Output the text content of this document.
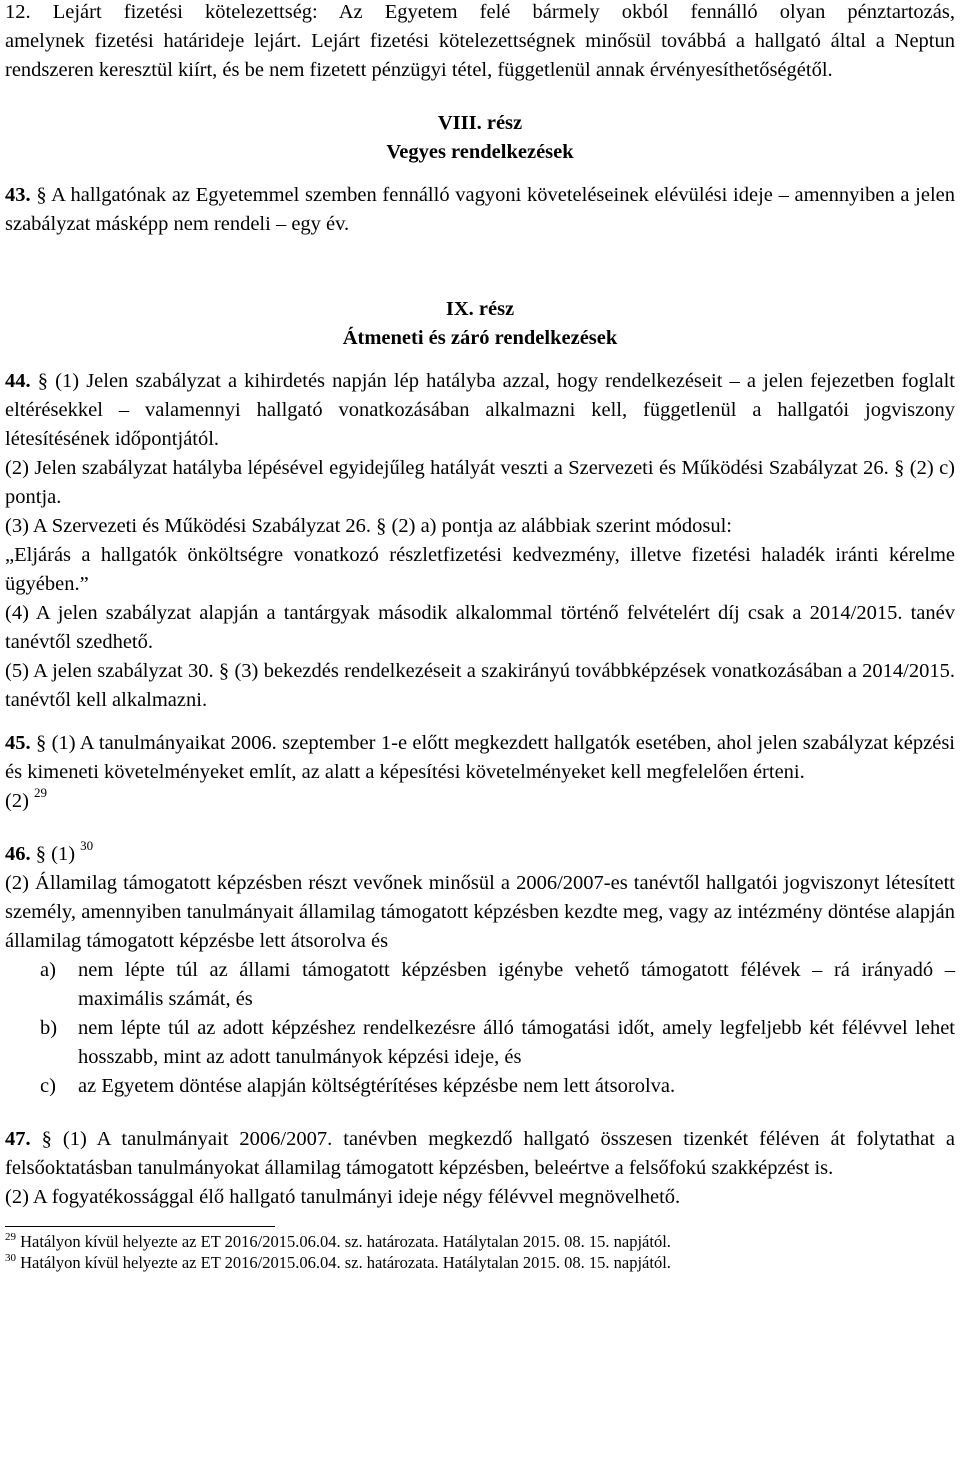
12. Lejárt fizetési kötelezettség: Az Egyetem felé bármely okból fennálló olyan pénztartozás,

amelynek fizetési határideje lejárt. Lejárt fizetési kötelezettségnek minősül továbbá a hallgató által a Neptun rendszeren keresztül kiírt, és be nem fizetett pénzügyi tétel, függetlenül annak érvényesíthetőségétől.

VIII. rész

Vegyes rendelkezések

43. § A hallgatónak az Egyetemmel szemben fennálló vagyoni követeléseinek elévülési ideje – amennyiben a jelen szabályzat másképp nem rendeli – egy év.

IX. rész

Átmeneti és záró rendelkezések

44. § (1) Jelen szabályzat a kihirdetés napján lép hatályba azzal, hogy rendelkezéseit – a jelen fejezetben foglalt eltérésekkel – valamennyi hallgató vonatkozásában alkalmazni kell, függetlenül a hallgatói jogviszony létesítésének időpontjától.

(2) Jelen szabályzat hatályba lépésével egyidejűleg hatályát veszti a Szervezeti és Működési Szabályzat 26. § (2) c) pontja.

(3) A Szervezeti és Működési Szabályzat 26. § (2) a) pontja az alábbiak szerint módosul:

„Eljárás a hallgatók önköltségre vonatkozó részletfizetési kedvezmény, illetve fizetési haladék iránti kérelme ügyében.”

(4) A jelen szabályzat alapján a tantárgyak második alkalommal történő felvételért díj csak a 2014/2015. tanév tanévtől szedhető.

(5) A jelen szabályzat 30. § (3) bekezdés rendelkezéseit a szakirányú továbbképzések vonatkozásában a 2014/2015. tanévtől kell alkalmazni.

45. § (1) A tanulmányaikat 2006. szeptember 1-e előtt megkezdett hallgatók esetében, ahol jelen szabályzat képzési és kimeneti követelményeket említ, az alatt a képesítési követelményeket kell megfelelően érteni.

(2) $^{29}$

46. § (1) $^{30}$

(2) Államilag támogatott képzésben részt vevőnek minősül a 2006/2007-es tanévtől hallgatói jogviszonyt létesített személy, amennyiben tanulmányait államilag támogatott képzésben kezdte meg, vagy az intézmény döntése alapján államilag támogatott képzésbe lett átsorolva és

a) nem lépte túl az állami támogatott képzésben igénybe vehető támogatott félévek – rá irányadó – maximális számát, és
b) nem lépte túl az adott képzéshez rendelkezésre álló támogatási időt, amely legfeljebb két félévvel lehet hosszabb, mint az adott tanulmányok képzési ideje, és
c) az Egyetem döntése alapján költségtérítéses képzésbe nem lett átsorolva.

47. § (1) A tanulmányait 2006/2007. tanévben megkezdő hallgató összesen tizenkét féléven át folytathat a felsőoktatásban tanulmányokat államilag támogatott képzésben, beleértve a felsőfokú szakképzést is.

(2) A fogyatékossággal élő hallgató tanulmányi ideje négy félévvel megnövelhető.

$^{29}$ Hatályon kívül helyezte az ET 2016/2015.06.04. sz. határozata. Hatálytalan 2015. 08. 15. napjától.

$^{30}$ Hatályon kívül helyezte az ET 2016/2015.06.04. sz. határozata. Hatálytalan 2015. 08. 15. napjától.
